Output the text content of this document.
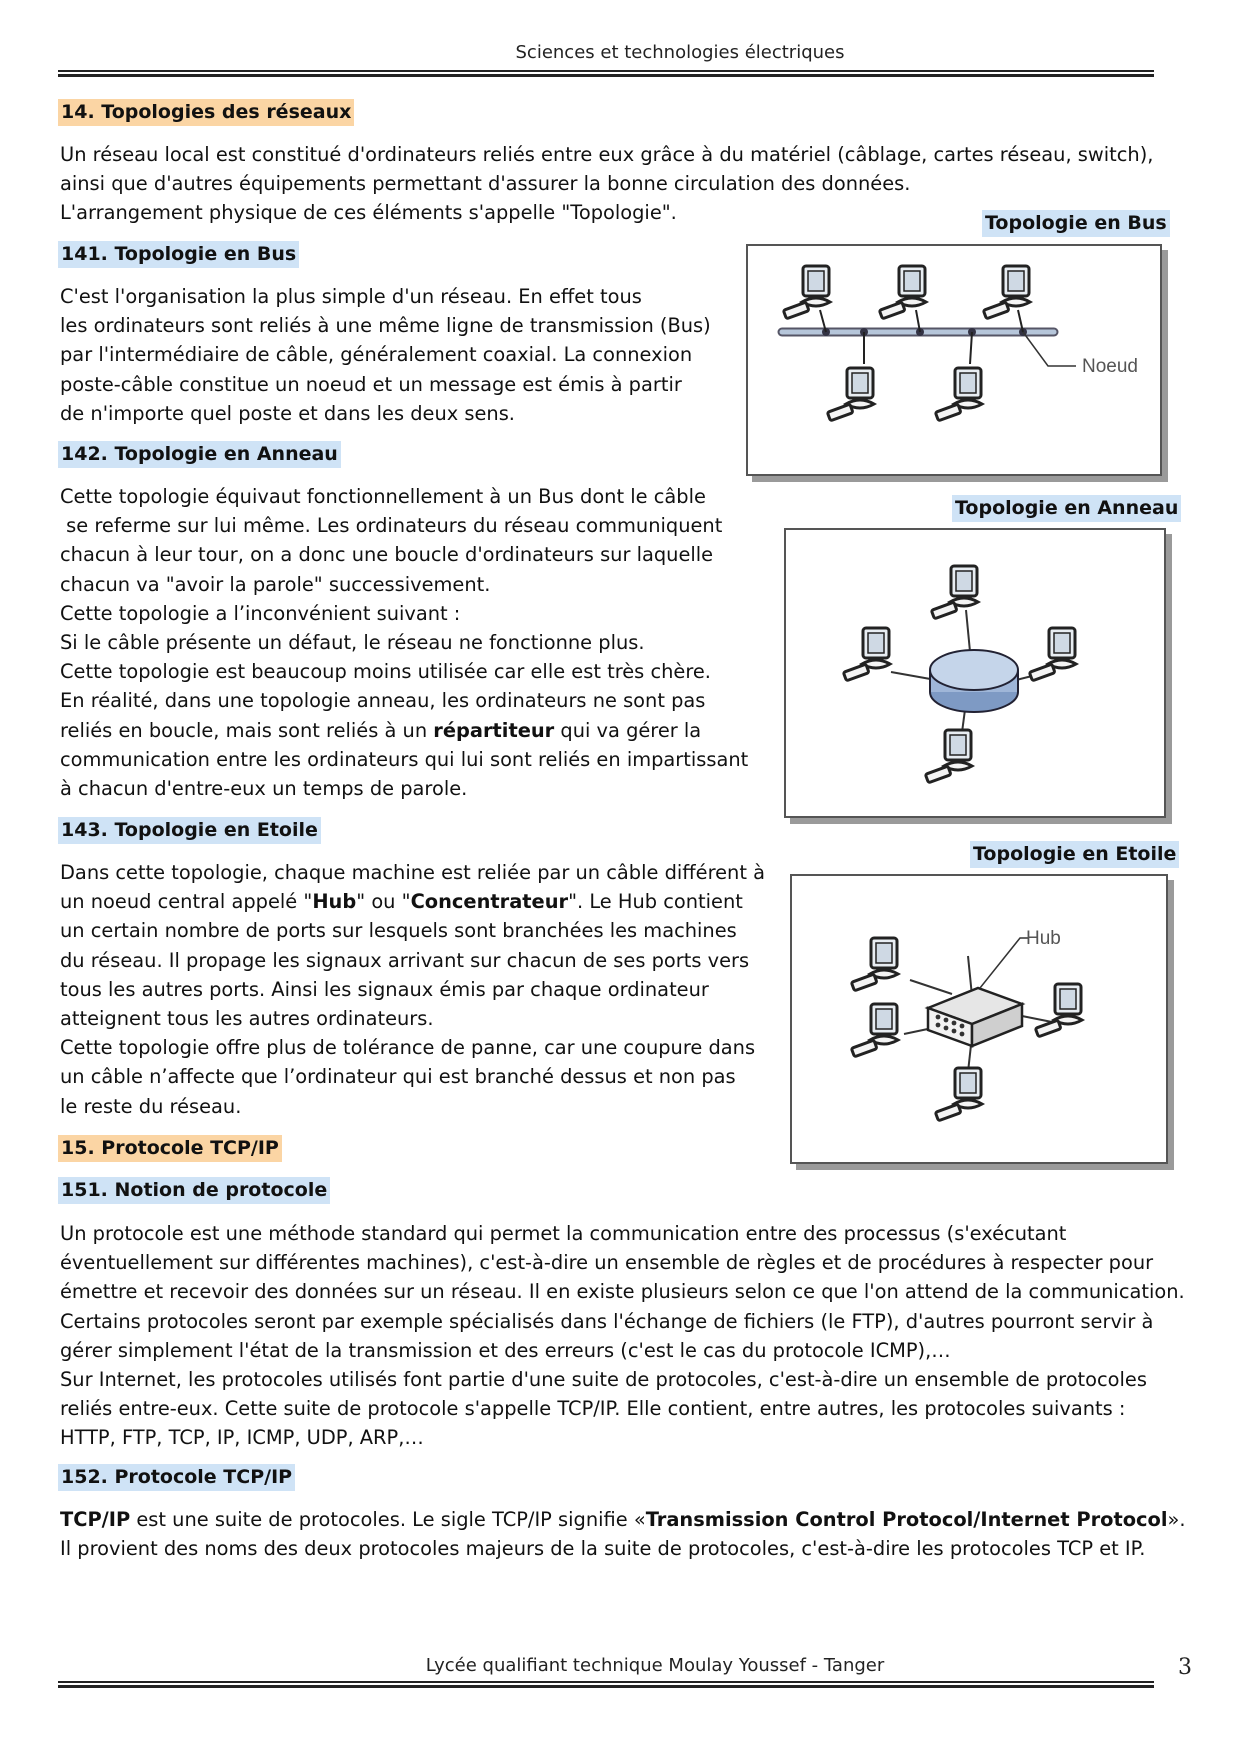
Sciences et technologies électriques
14. Topologies des réseaux

Un réseau local est constitué d'ordinateurs reliés entre eux grâce à du matériel (câblage, cartes réseau, switch),

ainsi que d'autres équipements permettant d'assurer la bonne circulation des données.

L'arrangement physique de ces éléments s'appelle "Topologie".

141. Topologie en Bus

C'est l'organisation la plus simple d'un réseau. En effet tous

les ordinateurs sont reliés à une même ligne de transmission (Bus)

par l'intermédiaire de câble, généralement coaxial. La connexion

poste-câble constitue un noeud et un message est émis à partir

de n'importe quel poste et dans les deux sens.

142. Topologie en Anneau

Cette topologie équivaut fonctionnellement à un Bus dont le câble

se referme sur lui même. Les ordinateurs du réseau communiquent

chacun à leur tour, on a donc une boucle d'ordinateurs sur laquelle

chacun va "avoir la parole" successivement.

Cette topologie a l’inconvénient suivant :

Si le câble présente un défaut, le réseau ne fonctionne plus.

Cette topologie est beaucoup moins utilisée car elle est très chère.

En réalité, dans une topologie anneau, les ordinateurs ne sont pas

reliés en boucle, mais sont reliés à un répartiteur qui va gérer la

communication entre les ordinateurs qui lui sont reliés en impartissant

à chacun d'entre-eux un temps de parole.

143. Topologie en Etoile

Dans cette topologie, chaque machine est reliée par un câble différent à

un noeud central appelé "Hub" ou "Concentrateur". Le Hub contient

un certain nombre de ports sur lesquels sont branchées les machines

du réseau. Il propage les signaux arrivant sur chacun de ses ports vers

tous les autres ports. Ainsi les signaux émis par chaque ordinateur

atteignent tous les autres ordinateurs.

Cette topologie offre plus de tolérance de panne, car une coupure dans

un câble n’affecte que l’ordinateur qui est branché dessus et non pas

le reste du réseau.

15. Protocole TCP/IP
151. Notion de protocole

Un protocole est une méthode standard qui permet la communication entre des processus (s'exécutant

éventuellement sur différentes machines), c'est-à-dire un ensemble de règles et de procédures à respecter pour

émettre et recevoir des données sur un réseau. Il en existe plusieurs selon ce que l'on attend de la communication.

Certains protocoles seront par exemple spécialisés dans l'échange de fichiers (le FTP), d'autres pourront servir à

gérer simplement l'état de la transmission et des erreurs (c'est le cas du protocole ICMP),…

Sur Internet, les protocoles utilisés font partie d'une suite de protocoles, c'est-à-dire un ensemble de protocoles

reliés entre-eux. Cette suite de protocole s'appelle TCP/IP. Elle contient, entre autres, les protocoles suivants :

HTTP, FTP, TCP, IP, ICMP, UDP, ARP,…

152. Protocole TCP/IP

TCP/IP est une suite de protocoles. Le sigle TCP/IP signifie «Transmission Control Protocol/Internet Protocol».

Il provient des noms des deux protocoles majeurs de la suite de protocoles, c'est-à-dire les protocoles TCP et IP.

Topologie en Bus
Noeud
Topologie en Anneau
Topologie en Etoile
Hub
Lycée qualifiant technique Moulay Youssef - Tanger	3
